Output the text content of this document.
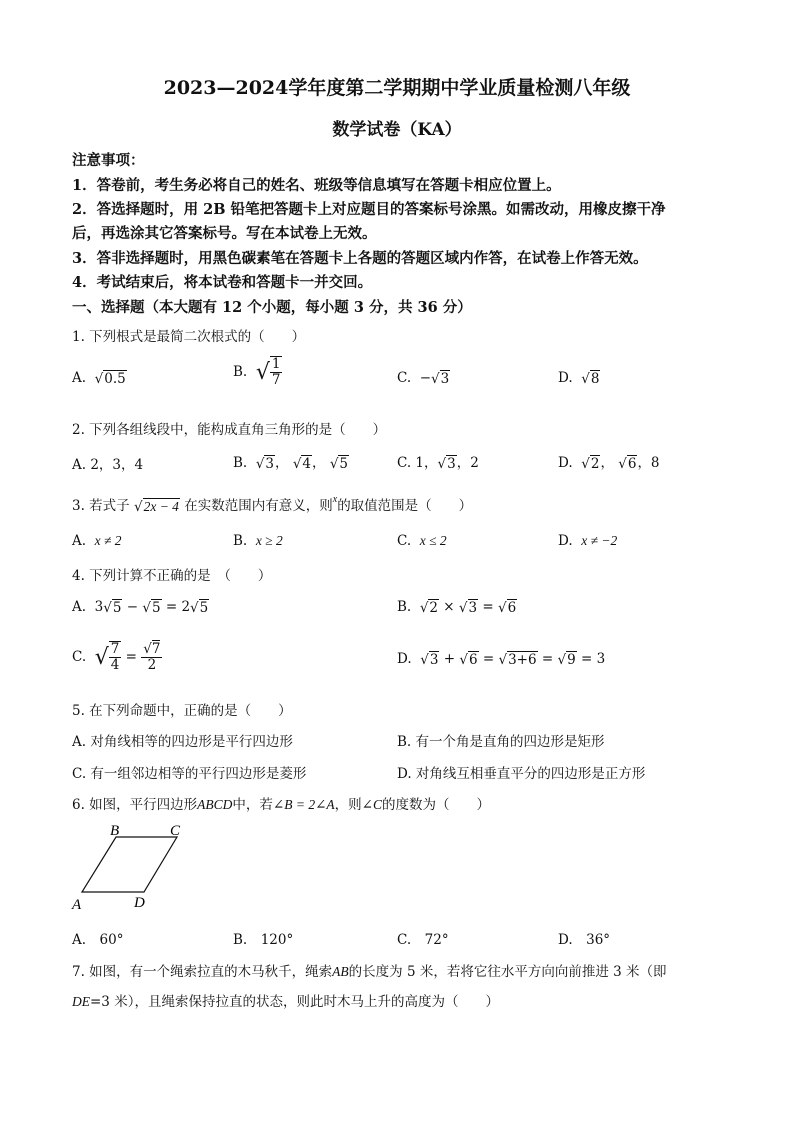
2023—2024学年度第二学期期中学业质量检测八年级
数学试卷（KA）
注意事项：
1．答卷前，考生务必将自己的姓名、班级等信息填写在答题卡相应位置上。
2．答选择题时，用 2B 铅笔把答题卡上对应题目的答案标号涂黑。如需改动，用橡皮擦干净
后，再选涂其它答案标号。写在本试卷上无效。
3．答非选择题时，用黑色碳素笔在答题卡上各题的答题区域内作答，在试卷上作答无效。
4．考试结束后，将本试卷和答题卡一并交回。
一、选择题（本大题有 12 个小题，每小题 3 分，共 36 分）
1. 下列根式是最简二次根式的（　　）
A. √0.5	B. √ $\frac{1}{7}$	C. −√3	D. √8
2. 下列各组线段中，能构成直角三角形的是（　　）
A. 2，3，4	B. √3， √4， √5	C. 1，√3，2	D. √2， √6，8
3. 若式子 √2x − 4 在实数范围内有意义，则$^x$的取值范围是（　　）
A. x ≠ 2	B. x ≥ 2	C. x ≤ 2	D. x ≠ −2
4. 下列计算不正确的是　（　　）
A. 3√5 − √5 = 2√5	B. √2 × √3 = √6
C. √ $\frac{7}{4} = \frac{√7}{2}$	D. √3 + √6 = √3+6 = √9 = 3
5. 在下列命题中，正确的是（　　）
A. 对角线相等的四边形是平行四边形	B. 有一个角是直角的四边形是矩形
C. 有一组邻边相等的平行四边形是菱形	D. 对角线互相垂直平分的四边形是正方形
6. 如图，平行四边形ABCD中，若∠B = 2∠A，则∠C的度数为（　　）
B	C
A	D
A.　60°	B.　120°	C.　72°	D.　36°
7. 如图，有一个绳索拉直的木马秋千，绳索AB的长度为 5 米，若将它往水平方向向前推进 3 米（即
DE=3 米），且绳索保持拉直的状态，则此时木马上升的高度为（　　）
